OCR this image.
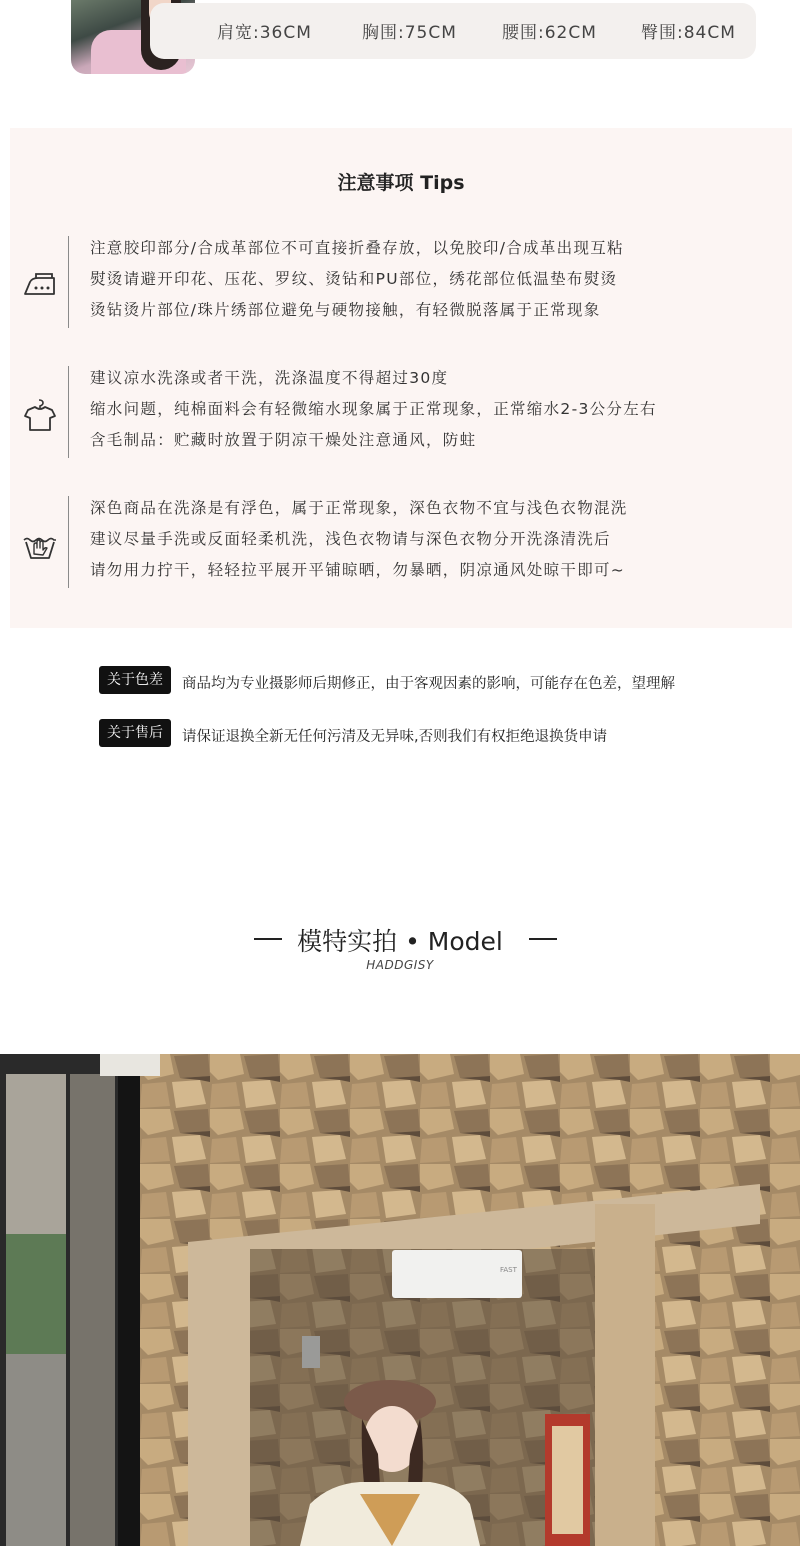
肩宽:36CM	胸围:75CM	腰围:62CM	臀围:84CM
注意事项 Tips
注意胶印部分/合成革部位不可直接折叠存放，以免胶印/合成革出现互粘
熨烫请避开印花、压花、罗纹、烫钻和PU部位，绣花部位低温垫布熨烫
烫钻烫片部位/珠片绣部位避免与硬物接触，有轻微脱落属于正常现象
建议凉水洗涤或者干洗，洗涤温度不得超过30度
缩水问题，纯棉面料会有轻微缩水现象属于正常现象，正常缩水2-3公分左右
含毛制品：贮藏时放置于阴凉干燥处注意通风，防蛀
深色商品在洗涤是有浮色，属于正常现象，深色衣物不宜与浅色衣物混洗
建议尽量手洗或反面轻柔机洗，浅色衣物请与深色衣物分开洗涤清洗后
请勿用力拧干，轻轻拉平展开平铺晾晒，勿暴晒，阴凉通风处晾干即可~
关于色差	商品均为专业摄影师后期修正，由于客观因素的影响，可能存在色差，望理解
关于售后	请保证退换全新无任何污清及无异味,否则我们有权拒绝退换货申请
模特实拍 • Model
HADDGISY
FAST
